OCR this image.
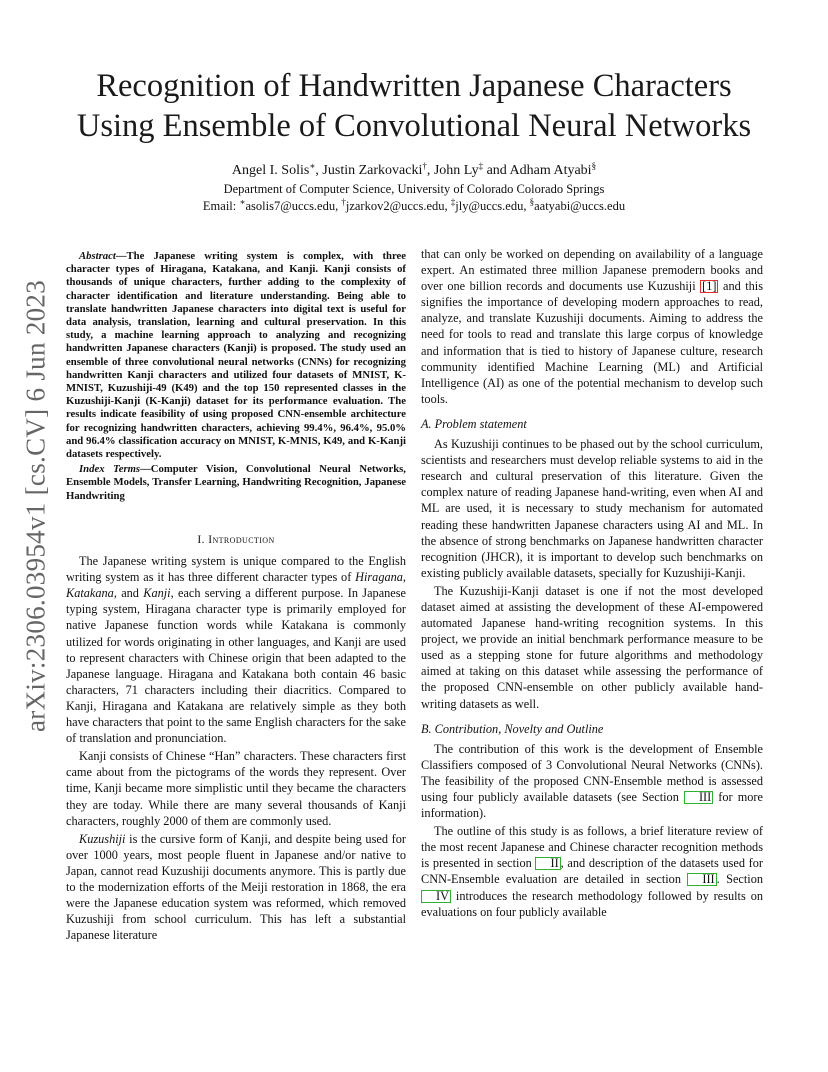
Recognition of Handwritten Japanese Characters
Using Ensemble of Convolutional Neural Networks
Angel I. Solis∗, Justin Zarkovacki†, John Ly‡ and Adham Atyabi§
Department of Computer Science, University of Colorado Colorado Springs
Email: ∗asolis7@uccs.edu, †jzarkov2@uccs.edu, ‡jly@uccs.edu, §aatyabi@uccs.edu
arXiv:2306.03954v1 [cs.CV] 6 Jun 2023

Abstract—The Japanese writing system is complex, with three character types of Hiragana, Katakana, and Kanji. Kanji consists of thousands of unique characters, further adding to the complexity of character identification and literature understanding. Being able to translate handwritten Japanese characters into digital text is useful for data analysis, translation, learning and cultural preservation. In this study, a machine learning approach to analyzing and recognizing handwritten Japanese characters (Kanji) is proposed. The study used an ensemble of three convolutional neural networks (CNNs) for recognizing handwritten Kanji characters and utilized four datasets of MNIST, K-MNIST, Kuzushiji-49 (K49) and the top 150 represented classes in the Kuzushiji-Kanji (K-Kanji) dataset for its performance evaluation. The results indicate feasibility of using proposed CNN-ensemble architecture for recognizing handwritten characters, achieving 99.4%, 96.4%, 95.0% and 96.4% classification accuracy on MNIST, K-MNIS, K49, and K-Kanji datasets respectively.

Index Terms—Computer Vision, Convolutional Neural Networks, Ensemble Models, Transfer Learning, Handwriting Recognition, Japanese Handwriting

I. Introduction

The Japanese writing system is unique compared to the English writing system as it has three different character types of Hiragana, Katakana, and Kanji, each serving a different purpose. In Japanese typing system, Hiragana character type is primarily employed for native Japanese function words while Katakana is commonly utilized for words originating in other languages, and Kanji are used to represent characters with Chinese origin that been adapted to the Japanese language. Hiragana and Katakana both contain 46 basic characters, 71 characters including their diacritics. Compared to Kanji, Hiragana and Katakana are relatively simple as they both have characters that point to the same English characters for the sake of translation and pronunciation.

Kanji consists of Chinese “Han” characters. These characters first came about from the pictograms of the words they represent. Over time, Kanji became more simplistic until they became the characters they are today. While there are many several thousands of Kanji characters, roughly 2000 of them are commonly used.

Kuzushiji is the cursive form of Kanji, and despite being used for over 1000 years, most people fluent in Japanese and/or native to Japan, cannot read Kuzushiji documents anymore. This is partly due to the modernization efforts of the Meiji restoration in 1868, the era were the Japanese education system was reformed, which removed Kuzushiji from school curriculum. This has left a substantial Japanese literature

that can only be worked on depending on availability of a language expert. An estimated three million Japanese premodern books and over one billion records and documents use Kuzushiji [1] and this signifies the importance of developing modern approaches to read, analyze, and translate Kuzushiji documents. Aiming to address the need for tools to read and translate this large corpus of knowledge and information that is tied to history of Japanese culture, research community identified Machine Learning (ML) and Artificial Intelligence (AI) as one of the potential mechanism to develop such tools.

A. Problem statement

As Kuzushiji continues to be phased out by the school curriculum, scientists and researchers must develop reliable systems to aid in the research and cultural preservation of this literature. Given the complex nature of reading Japanese hand-writing, even when AI and ML are used, it is necessary to study mechanism for automated reading these handwritten Japanese characters using AI and ML. In the absence of strong benchmarks on Japanese handwritten character recognition (JHCR), it is important to develop such benchmarks on existing publicly available datasets, specially for Kuzushiji-Kanji.

The Kuzushiji-Kanji dataset is one if not the most developed dataset aimed at assisting the development of these AI-empowered automated Japanese hand-writing recognition systems. In this project, we provide an initial benchmark performance measure to be used as a stepping stone for future algorithms and methodology aimed at taking on this dataset while assessing the performance of the proposed CNN-ensemble on other publicly available hand-writing datasets as well.

B. Contribution, Novelty and Outline

The contribution of this work is the development of Ensemble Classifiers composed of 3 Convolutional Neural Networks (CNNs). The feasibility of the proposed CNN-Ensemble method is assessed using four publicly available datasets (see Section III for more information).

The outline of this study is as follows, a brief literature review of the most recent Japanese and Chinese character recognition methods is presented in section II , and description of the datasets used for CNN-Ensemble evaluation are detailed in section III . Section IV introduces the research methodology followed by results on evaluations on four publicly available
